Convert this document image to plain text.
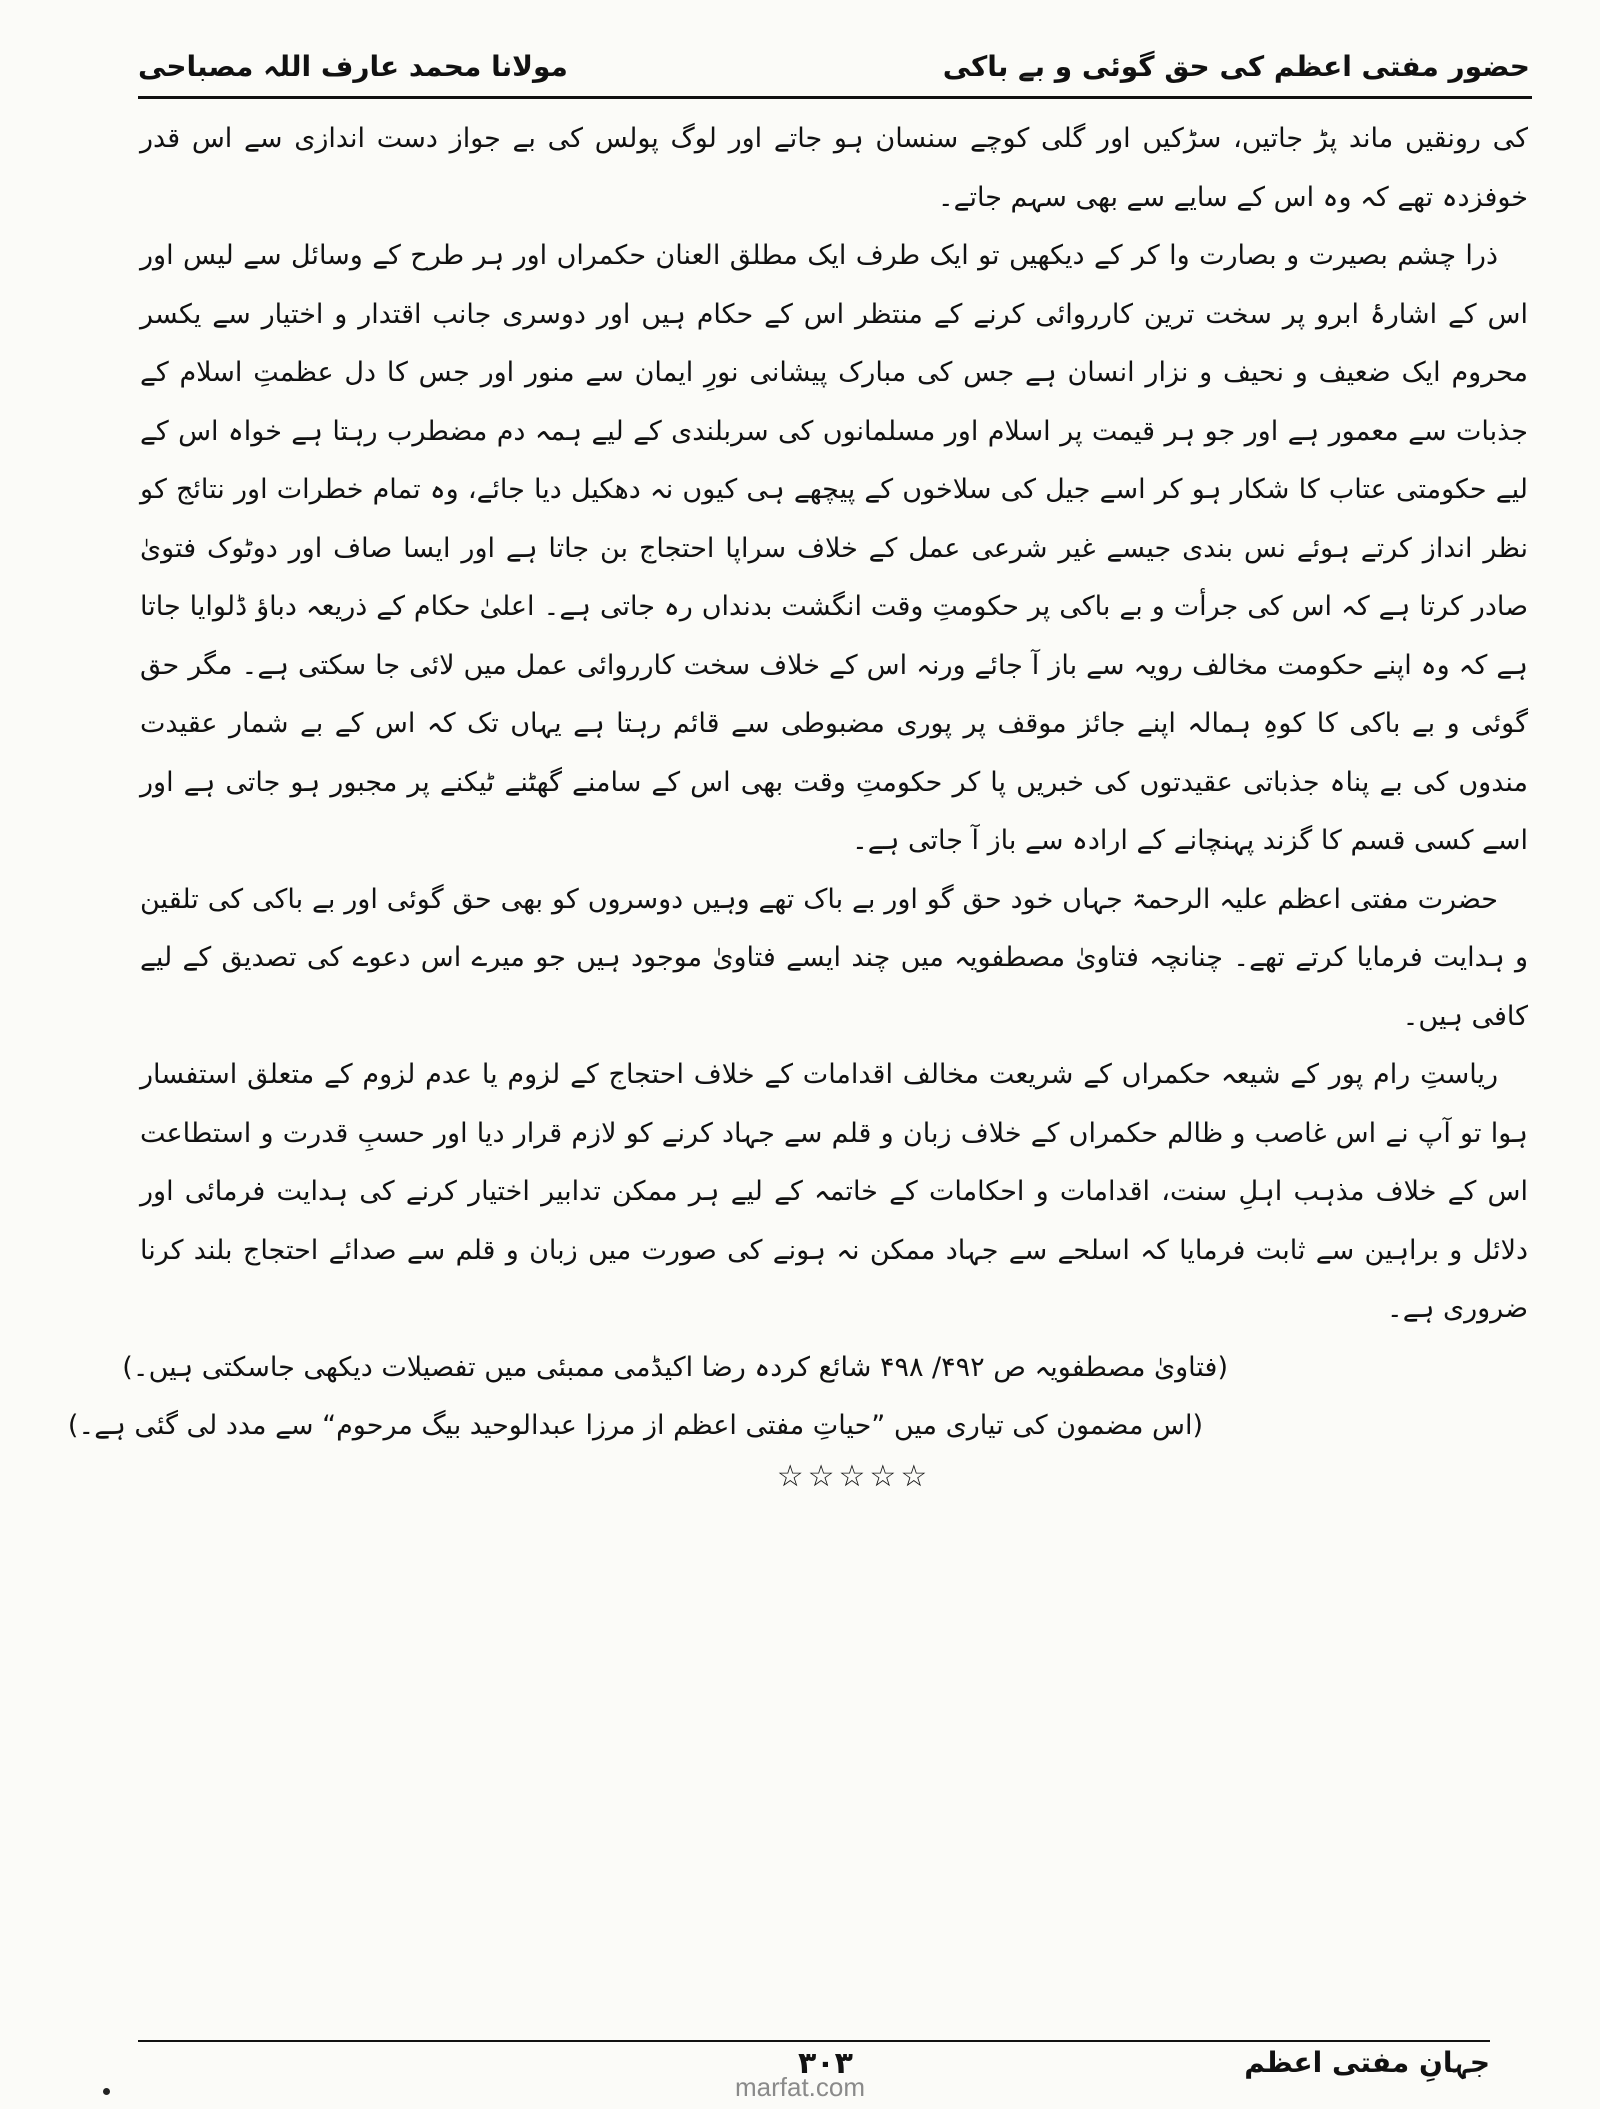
حضور مفتی اعظم کی حق گوئی و بے باکی
مولانا محمد عارف اللہ مصباحی

کی رونقیں ماند پڑ جاتیں، سڑکیں اور گلی کوچے سنسان ہو جاتے اور لوگ پولس کی بے جواز دست اندازی سے اس قدر خوفزدہ تھے کہ وہ اس کے سایے سے بھی سہم جاتے۔

ذرا چشم بصیرت و بصارت وا کر کے دیکھیں تو ایک طرف ایک مطلق العنان حکمراں اور ہر طرح کے وسائل سے لیس اور اس کے اشارۂ ابرو پر سخت ترین کارروائی کرنے کے منتظر اس کے حکام ہیں اور دوسری جانب اقتدار و اختیار سے یکسر محروم ایک ضعیف و نحیف و نزار انسان ہے جس کی مبارک پیشانی نورِ ایمان سے منور اور جس کا دل عظمتِ اسلام کے جذبات سے معمور ہے اور جو ہر قیمت پر اسلام اور مسلمانوں کی سربلندی کے لیے ہمہ دم مضطرب رہتا ہے خواہ اس کے لیے حکومتی عتاب کا شکار ہو کر اسے جیل کی سلاخوں کے پیچھے ہی کیوں نہ دھکیل دیا جائے، وہ تمام خطرات اور نتائج کو نظر انداز کرتے ہوئے نس بندی جیسے غیر شرعی عمل کے خلاف سراپا احتجاج بن جاتا ہے اور ایسا صاف اور دوٹوک فتویٰ صادر کرتا ہے کہ اس کی جرأت و بے باکی پر حکومتِ وقت انگشت بدنداں رہ جاتی ہے۔ اعلیٰ حکام کے ذریعہ دباؤ ڈلوایا جاتا ہے کہ وہ اپنے حکومت مخالف رویہ سے باز آ جائے ورنہ اس کے خلاف سخت کارروائی عمل میں لائی جا سکتی ہے۔ مگر حق گوئی و بے باکی کا کوہِ ہمالہ اپنے جائز موقف پر پوری مضبوطی سے قائم رہتا ہے یہاں تک کہ اس کے بے شمار عقیدت مندوں کی بے پناہ جذباتی عقیدتوں کی خبریں پا کر حکومتِ وقت بھی اس کے سامنے گھٹنے ٹیکنے پر مجبور ہو جاتی ہے اور اسے کسی قسم کا گزند پہنچانے کے ارادہ سے باز آ جاتی ہے۔

حضرت مفتی اعظم علیہ الرحمۃ جہاں خود حق گو اور بے باک تھے وہیں دوسروں کو بھی حق گوئی اور بے باکی کی تلقین و ہدایت فرمایا کرتے تھے۔ چنانچہ فتاویٰ مصطفویہ میں چند ایسے فتاویٰ موجود ہیں جو میرے اس دعوے کی تصدیق کے لیے کافی ہیں۔

ریاستِ رام پور کے شیعہ حکمراں کے شریعت مخالف اقدامات کے خلاف احتجاج کے لزوم یا عدم لزوم کے متعلق استفسار ہوا تو آپ نے اس غاصب و ظالم حکمراں کے خلاف زبان و قلم سے جہاد کرنے کو لازم قرار دیا اور حسبِ قدرت و استطاعت اس کے خلاف مذہب اہلِ سنت، اقدامات و احکامات کے خاتمہ کے لیے ہر ممکن تدابیر اختیار کرنے کی ہدایت فرمائی اور دلائل و براہین سے ثابت فرمایا کہ اسلحے سے جہاد ممکن نہ ہونے کی صورت میں زبان و قلم سے صدائے احتجاج بلند کرنا ضروری ہے۔

(فتاویٰ مصطفویہ ص ۴۹۲/ ۴۹۸ شائع کردہ رضا اکیڈمی ممبئی میں تفصیلات دیکھی جاسکتی ہیں۔)

(اس مضمون کی تیاری میں ”حیاتِ مفتی اعظم از مرزا عبدالوحید بیگ مرحوم“ سے مدد لی گئی ہے۔)

☆☆☆☆☆
جہانِ مفتی اعظم
۳۰۳
marfat.com
